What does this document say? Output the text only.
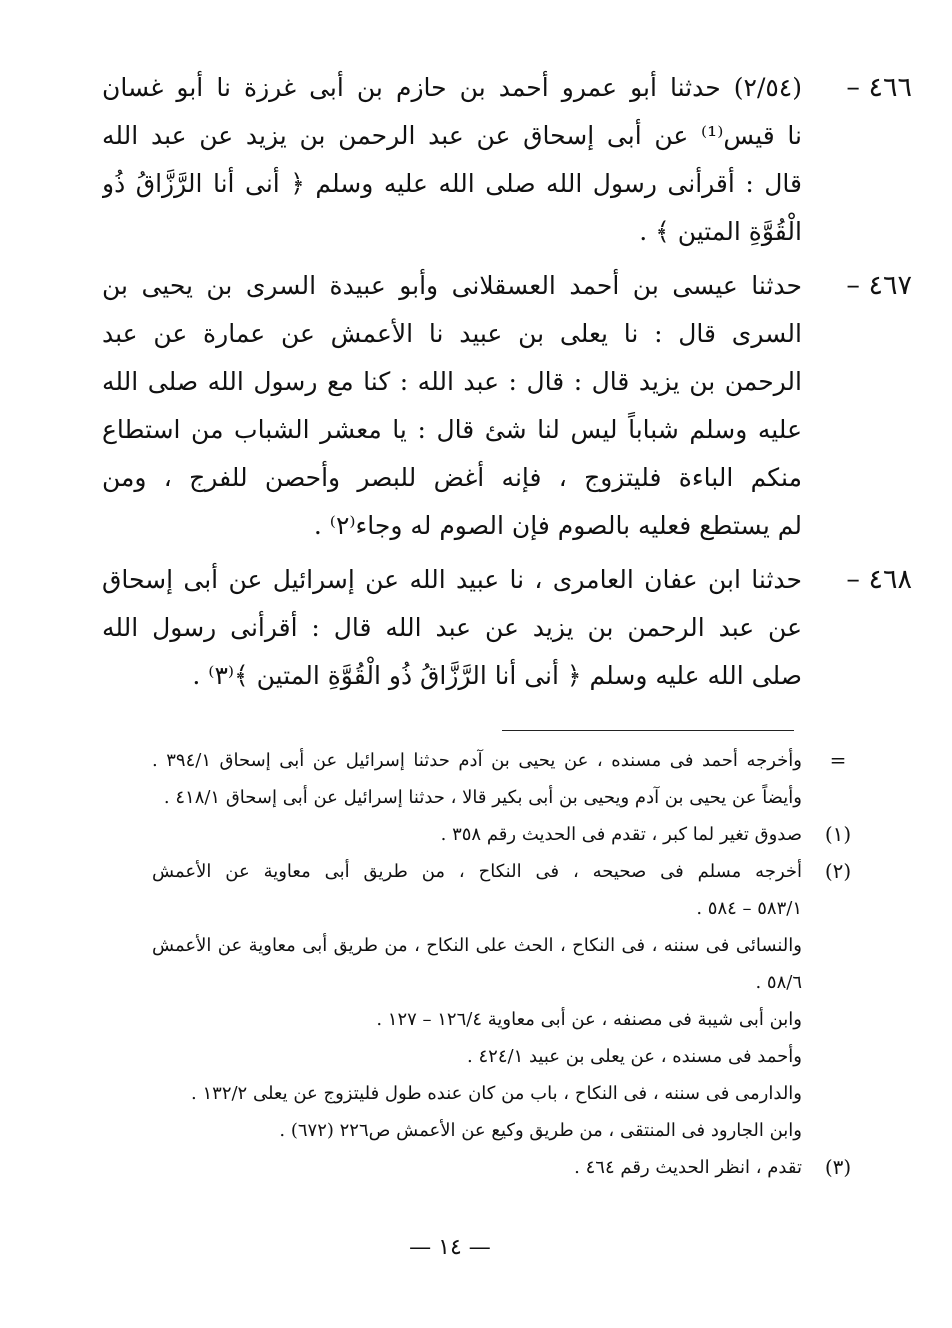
٤٦٦ –
(٢/٥٤) حدثنا أبو عمرو أحمد بن حازم بن أبى غرزة نا أبو غسان
نا قيس⁽¹⁾ عن أبى إسحاق عن عبد الرحمن بن يزيد عن عبد الله
قال : أقرأنى رسول الله صلى الله عليه وسلم ﴿ أنى أنا الرَّزَّاقُ ذُو
الْقُوَّةِ المتين ﴾ .
٤٦٧ –
حدثنا عيسى بن أحمد العسقلانى وأبو عبيدة السرى بن يحيى بن
السرى قال : نا يعلى بن عبيد نا الأعمش عن عمارة عن عبد
الرحمن بن يزيد قال : قال : عبد الله : كنا مع رسول الله صلى الله
عليه وسلم شباباً ليس لنا شئ قال : يا معشر الشباب من استطاع
منكم الباءة فليتزوج ، فإنه أغض للبصر وأحصن للفرج ، ومن
لم يستطع فعليه بالصوم فإن الصوم له وجاء⁽٢⁾ .
٤٦٨ –
حدثنا ابن عفان العامرى ، نا عبيد الله عن إسرائيل عن أبى إسحاق
عن عبد الرحمن بن يزيد عن عبد الله قال : أقرأنى رسول الله
صلى الله عليه وسلم ﴿ أنى أنا الرَّزَّاقُ ذُو الْقُوَّةِ المتين ﴾⁽٣⁾ .
=
وأخرجه أحمد فى مسنده ، عن يحيى بن آدم حدثنا إسرائيل عن أبى إسحاق ٣٩٤/١ .
وأيضاً عن يحيى بن آدم ويحيى بن أبى بكير قالا ، حدثنا إسرائيل عن أبى إسحاق ٤١٨/١ .
(١)
صدوق تغير لما كبر ، تقدم فى الحديث رقم ٣٥٨ .
(٢)
أخرجه مسلم فى صحيحه ، فى النكاح ، من طريق أبى معاوية عن الأعمش
٥٨٣/١ – ٥٨٤ .
والنسائى فى سننه ، فى النكاح ، الحث على النكاح ، من طريق أبى معاوية عن الأعمش
٥٨/٦ .
وابن أبى شيبة فى مصنفه ، عن أبى معاوية ١٢٦/٤ – ١٢٧ .
وأحمد فى مسنده ، عن يعلى بن عبيد ٤٢٤/١ .
والدارمى فى سننه ، فى النكاح ، باب من كان عنده طول فليتزوج عن يعلى ١٣٢/٢ .
وابن الجارود فى المنتقى ، من طريق وكيع عن الأعمش ص٢٢٦ (٦٧٢) .
(٣)
تقدم ، انظر الحديث رقم ٤٦٤ .
— ١٤ —
